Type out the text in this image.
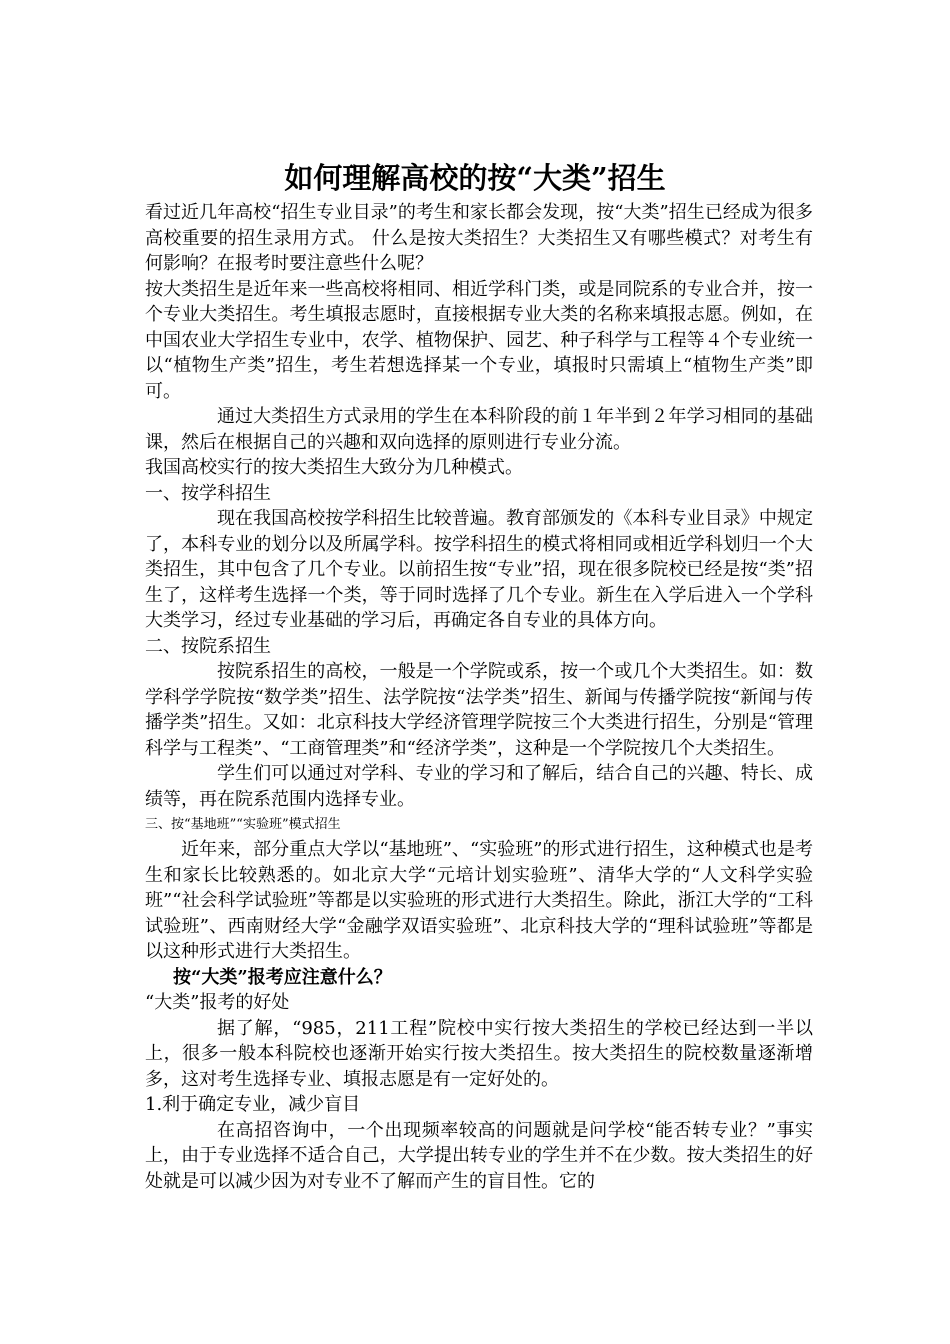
如何理解高校的按“大类”招生

看过近几年高校“招生专业目录”的考生和家长都会发现，按“大类”招生已经成为很多高校重要的招生录用方式。 什么是按大类招生？大类招生又有哪些模式？对考生有何影响？在报考时要注意些什么呢？

按大类招生是近年来一些高校将相同、相近学科门类，或是同院系的专业合并，按一个专业大类招生。考生填报志愿时，直接根据专业大类的名称来填报志愿。例如，在中国农业大学招生专业中，农学、植物保护、园艺、种子科学与工程等４个专业统一以“植物生产类”招生，考生若想选择某一个专业，填报时只需填上“植物生产类”即可。

通过大类招生方式录用的学生在本科阶段的前１年半到２年学习相同的基础课，然后在根据自己的兴趣和双向选择的原则进行专业分流。

我国高校实行的按大类招生大致分为几种模式。

一、按学科招生

现在我国高校按学科招生比较普遍。教育部颁发的《本科专业目录》中规定了，本科专业的划分以及所属学科。按学科招生的模式将相同或相近学科划归一个大类招生，其中包含了几个专业。以前招生按“专业”招，现在很多院校已经是按“类”招生了，这样考生选择一个类，等于同时选择了几个专业。新生在入学后进入一个学科大类学习，经过专业基础的学习后，再确定各自专业的具体方向。

二、按院系招生

按院系招生的高校，一般是一个学院或系，按一个或几个大类招生。如：数学科学学院按“数学类”招生、法学院按“法学类”招生、新闻与传播学院按“新闻与传播学类”招生。又如：北京科技大学经济管理学院按三个大类进行招生，分别是“管理科学与工程类”、“工商管理类”和“经济学类”，这种是一个学院按几个大类招生。

学生们可以通过对学科、专业的学习和了解后，结合自己的兴趣、特长、成绩等，再在院系范围内选择专业。

三、按“基地班”“实验班”模式招生

近年来，部分重点大学以“基地班”、“实验班”的形式进行招生，这种模式也是考生和家长比较熟悉的。如北京大学“元培计划实验班”、清华大学的“人文科学实验班”“社会科学试验班”等都是以实验班的形式进行大类招生。除此，浙江大学的“工科试验班”、西南财经大学“金融学双语实验班”、北京科技大学的“理科试验班”等都是以这种形式进行大类招生。

按“大类”报考应注意什么？

“大类”报考的好处

据了解，“985，211工程”院校中实行按大类招生的学校已经达到一半以上，很多一般本科院校也逐渐开始实行按大类招生。按大类招生的院校数量逐渐增多，这对考生选择专业、填报志愿是有一定好处的。

1.利于确定专业，减少盲目

在高招咨询中，一个出现频率较高的问题就是问学校“能否转专业？”事实上，由于专业选择不适合自己，大学提出转专业的学生并不在少数。按大类招生的好处就是可以减少因为对专业不了解而产生的盲目性。它的
